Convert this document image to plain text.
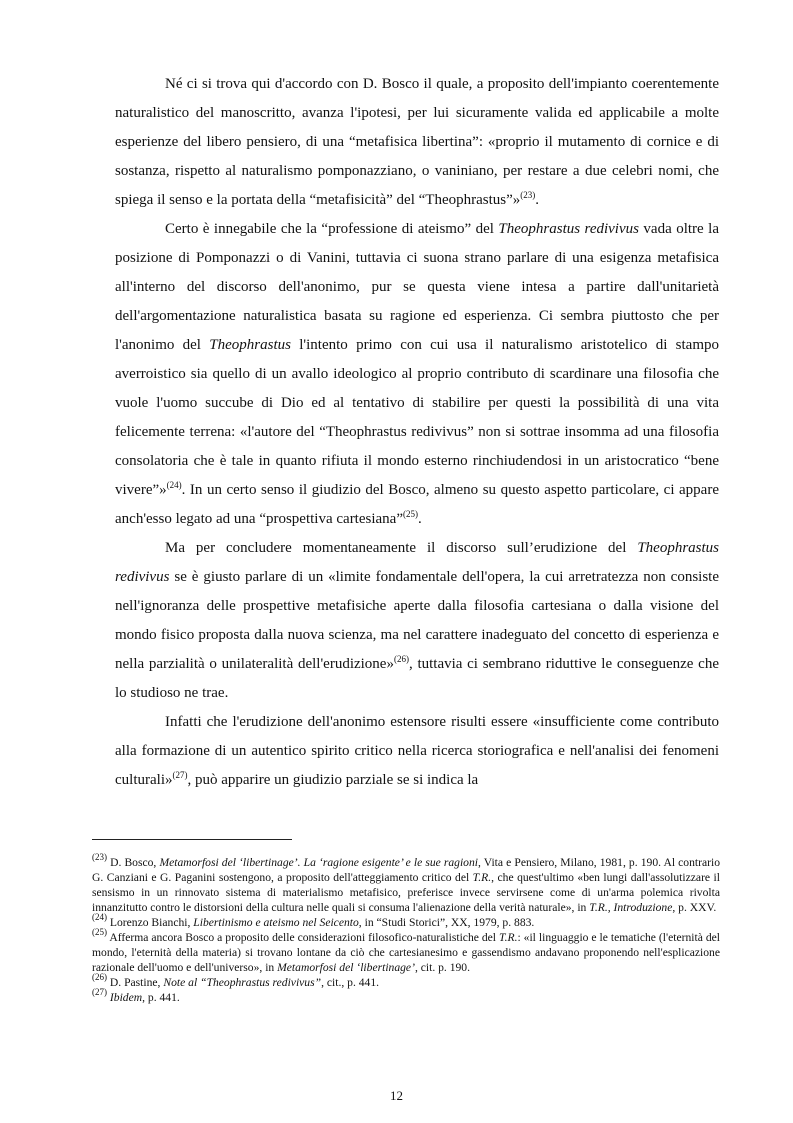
Né ci si trova qui d'accordo con D. Bosco il quale, a proposito dell'impianto coerentemente naturalistico del manoscritto, avanza l'ipotesi, per lui sicuramente valida ed applicabile a molte esperienze del libero pensiero, di una “metafisica libertina”: «proprio il mutamento di cornice e di sostanza, rispetto al naturalismo pomponazziano, o vaniniano, per restare a due celebri nomi, che spiega il senso e la portata della “metafisicità” del “Theophrastus”»$^{(23)}$.

Certo è innegabile che la “professione di ateismo” del Theophrastus redivivus vada oltre la posizione di Pomponazzi o di Vanini, tuttavia ci suona strano parlare di una esigenza metafisica all'interno del discorso dell'anonimo, pur se questa viene intesa a partire dall'unitarietà dell'argomentazione naturalistica basata su ragione ed esperienza. Ci sembra piuttosto che per l'anonimo del Theophrastus l'intento primo con cui usa il naturalismo aristotelico di stampo averroistico sia quello di un avallo ideologico al proprio contributo di scardinare una filosofia che vuole l'uomo succube di Dio ed al tentativo di stabilire per questi la possibilità di una vita felicemente terrena: «l'autore del “Theophrastus redivivus” non si sottrae insomma ad una filosofia consolatoria che è tale in quanto rifiuta il mondo esterno rinchiudendosi in un aristocratico “bene vivere”»$^{(24)}$. In un certo senso il giudizio del Bosco, almeno su questo aspetto particolare, ci appare anch'esso legato ad una “prospettiva cartesiana”$^{(25)}$.

Ma per concludere momentaneamente il discorso sull’erudizione del Theophrastus redivivus se è giusto parlare di un «limite fondamentale dell'opera, la cui arretratezza non consiste nell'ignoranza delle prospettive metafisiche aperte dalla filosofia cartesiana o dalla visione del mondo fisico proposta dalla nuova scienza, ma nel carattere inadeguato del concetto di esperienza e nella parzialità o unilateralità dell'erudizione»$^{(26)}$, tuttavia ci sembrano riduttive le conseguenze che lo studioso ne trae.

Infatti che l'erudizione dell'anonimo estensore risulti essere «insufficiente come contributo alla formazione di un autentico spirito critico nella ricerca storiografica e nell'analisi dei fenomeni culturali»$^{(27)}$, può apparire un giudizio parziale se si indica la

$^{(23)}$ D. Bosco, Metamorfosi del ‘libertinage’. La ‘ragione esigente’ e le sue ragioni, Vita e Pensiero, Milano, 1981, p. 190. Al contrario G. Canziani e G. Paganini sostengono, a proposito dell'atteggiamento critico del T.R., che quest'ultimo «ben lungi dall'assolutizzare il sensismo in un rinnovato sistema di materialismo metafisico, preferisce invece servirsene come di un'arma polemica rivolta innanzitutto contro le distorsioni della cultura nelle quali si consuma l'alienazione della verità naturale», in T.R., Introduzione, p. XXV.

$^{(24)}$ Lorenzo Bianchi, Libertinismo e ateismo nel Seicento, in “Studi Storici”, XX, 1979, p. 883.

$^{(25)}$ Afferma ancora Bosco a proposito delle considerazioni filosofico-naturalistiche del T.R.: «il linguaggio e le tematiche (l'eternità del mondo, l'eternità della materia) si trovano lontane da ciò che cartesianesimo e gassendismo andavano proponendo nell'esplicazione razionale dell'uomo e dell'universo», in Metamorfosi del ‘libertinage’, cit. p. 190.

$^{(26)}$ D. Pastine, Note al “Theophrastus redivivus”, cit., p. 441.

$^{(27)}$ Ibidem, p. 441.

12
